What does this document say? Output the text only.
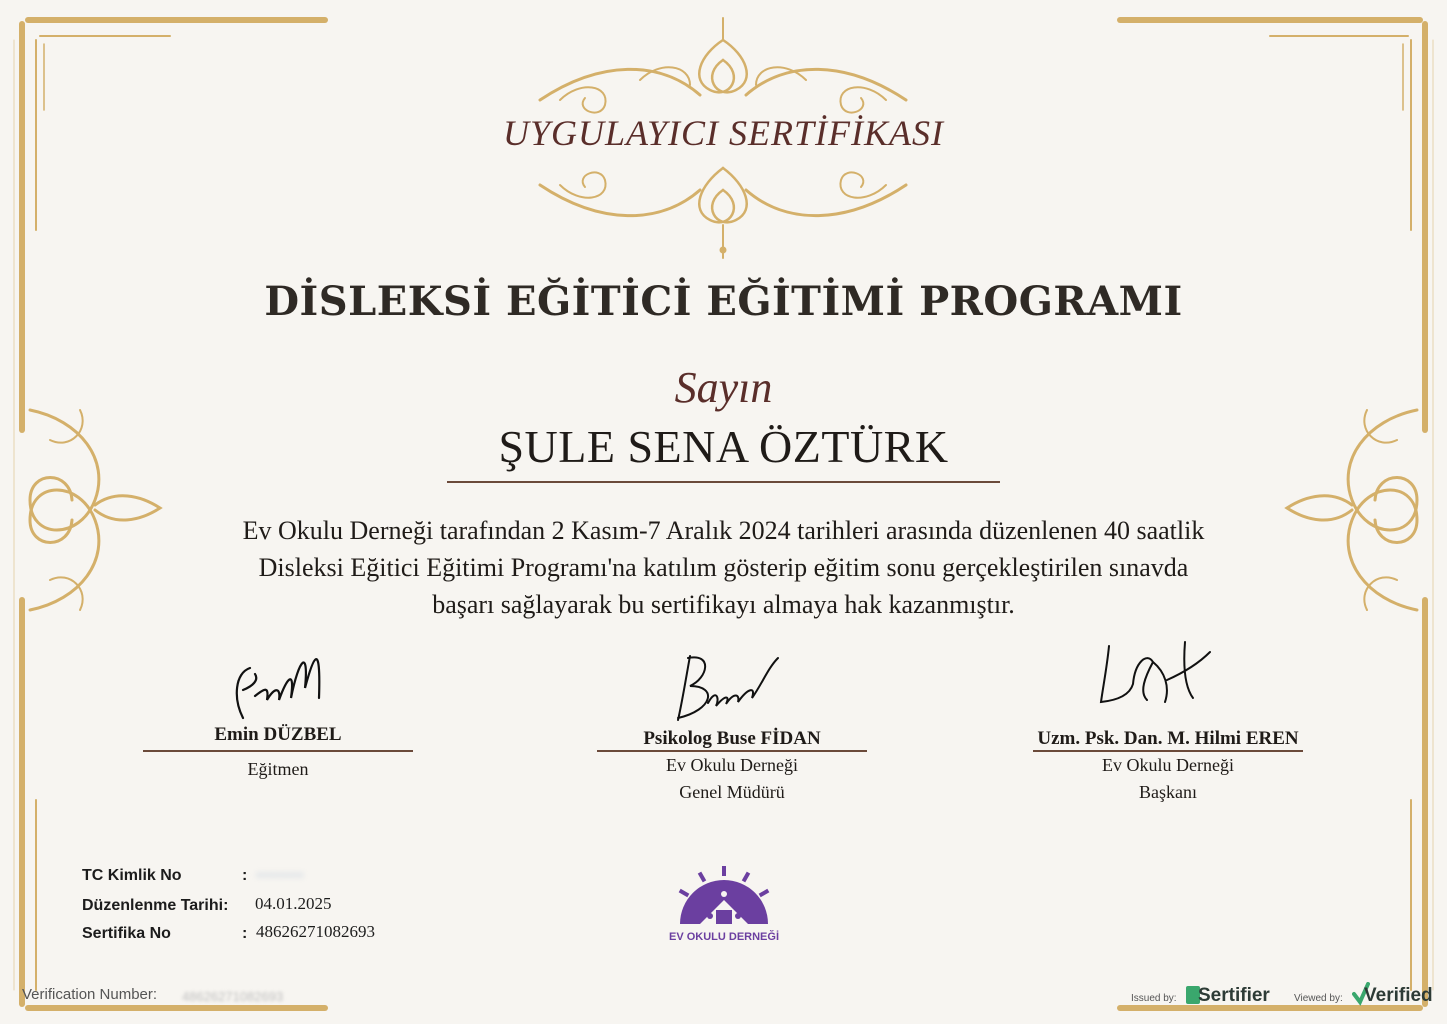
UYGULAYICI SERTİFİKASI
DİSLEKSİ EĞİTİCİ EĞİTİMİ PROGRAMI
Sayın
ŞULE SENA ÖZTÜRK
Ev Okulu Derneği tarafından 2 Kasım-7 Aralık 2024 tarihleri arasında düzenlenen 40 saatlik
Disleksi Eğitici Eğitimi Programı'na katılım gösterip eğitim sonu gerçekleştirilen sınavda
başarı sağlayarak bu sertifikayı almaya hak kazanmıştır.
Emin DÜZBEL
Eğitmen
Psikolog Buse FİDAN
Ev Okulu Derneği
Genel Müdürü
Uzm. Psk. Dan. M. Hilmi EREN
Ev Okulu Derneği
Başkanı
TC Kimlik No	: ••••••••
Düzenlenme Tarihi: 04.01.2025
Sertifika No	: 48626271082693	EV OKULU DERNEĞİ
Verification Number: 48626271082693	Issued by: Sertifier Viewed by: Verified
